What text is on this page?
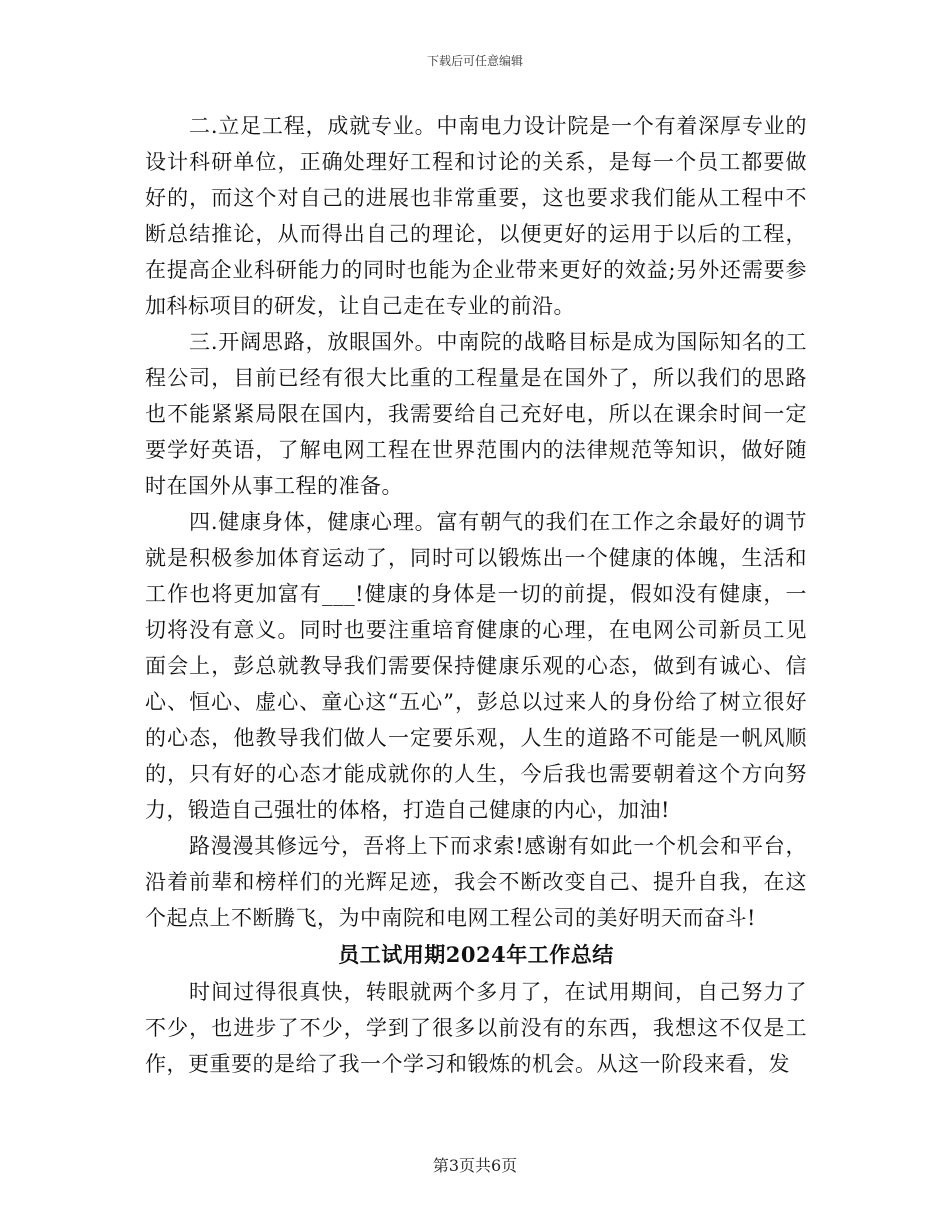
下载后可任意编辑

二.立足工程，成就专业。中南电力设计院是一个有着深厚专业的设计科研单位，正确处理好工程和讨论的关系，是每一个员工都要做好的，而这个对自己的进展也非常重要，这也要求我们能从工程中不断总结推论，从而得出自己的理论，以便更好的运用于以后的工程，在提高企业科研能力的同时也能为企业带来更好的效益;另外还需要参加科标项目的研发，让自己走在专业的前沿。

三.开阔思路，放眼国外。中南院的战略目标是成为国际知名的工程公司，目前已经有很大比重的工程量是在国外了，所以我们的思路也不能紧紧局限在国内，我需要给自己充好电，所以在课余时间一定要学好英语，了解电网工程在世界范围内的法律规范等知识，做好随时在国外从事工程的准备。

四.健康身体，健康心理。富有朝气的我们在工作之余最好的调节就是积极参加体育运动了，同时可以锻炼出一个健康的体魄，生活和工作也将更加富有___!健康的身体是一切的前提，假如没有健康，一切将没有意义。同时也要注重培育健康的心理，在电网公司新员工见面会上，彭总就教导我们需要保持健康乐观的心态，做到有诚心、信心、恒心、虚心、童心这“五心”，彭总以过来人的身份给了树立很好的心态，他教导我们做人一定要乐观，人生的道路不可能是一帆风顺的，只有好的心态才能成就你的人生，今后我也需要朝着这个方向努力，锻造自己强壮的体格，打造自己健康的内心，加油!

路漫漫其修远兮，吾将上下而求索!感谢有如此一个机会和平台，沿着前辈和榜样们的光辉足迹，我会不断改变自己、提升自我，在这个起点上不断腾飞，为中南院和电网工程公司的美好明天而奋斗!

员工试用期2024年工作总结

时间过得很真快，转眼就两个多月了，在试用期间，自己努力了不少，也进步了不少，学到了很多以前没有的东西，我想这不仅是工作，更重要的是给了我一个学习和锻炼的机会。从这一阶段来看，发

第3页共6页
